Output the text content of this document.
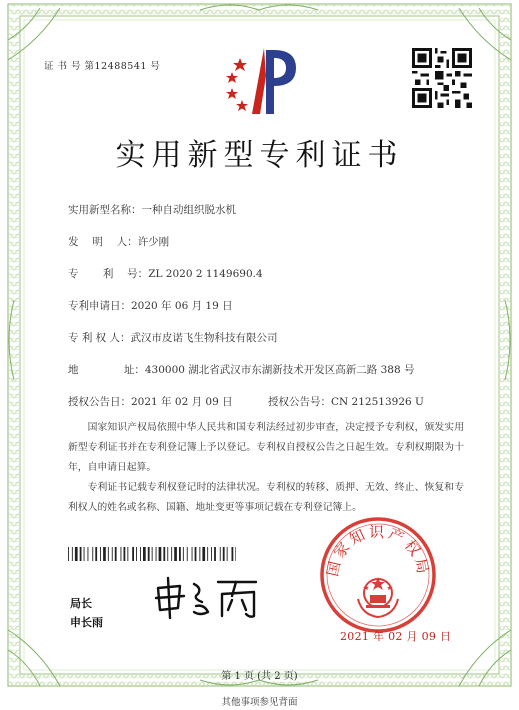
证 书 号 第12488541 号
实用新型专利证书
实用新型名称：一种自动组织脱水机
发　 明　 人：许少刚
专　　 利　 号：ZL 2020 2 1149690.4
专利申请日：2020 年 06 月 19 日
专 利 权 人：武汉市皮诺飞生物科技有限公司
地　　　　 址：430000 湖北省武汉市东湖新技术开发区高新二路 388 号
授权公告日：2021 年 02 月 09 日	授权公告号：CN 212513926 U
国家知识产权局依照中华人民共和国专利法经过初步审查，决定授予专利权，颁发实用新型专利证书并在专利登记簿上予以登记。专利权自授权公告之日起生效。专利权期限为十年，自申请日起算。
专利证书记载专利权登记时的法律状况。专利权的转移、质押、无效、终止、恢复和专利权人的姓名或名称、国籍、地址变更等事项记载在专利登记簿上。
局长
申长雨
国家知识产权局
2021 年 02 月 09 日
第 1 页 (共 2 页)
其他事项参见背面
